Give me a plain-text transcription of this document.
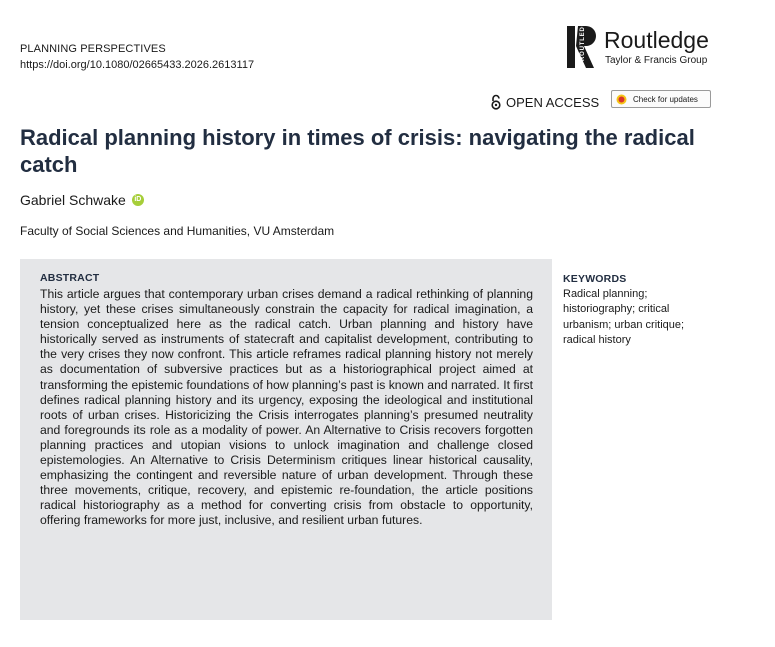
PLANNING PERSPECTIVES
https://doi.org/10.1080/02665433.2026.2613117
ROUTLEDGE Routledge
Taylor & Francis Group
OPEN ACCESS	Check for updates
Radical planning history in times of crisis: navigating the radical catch
Gabriel Schwake	iD
Faculty of Social Sciences and Humanities, VU Amsterdam
ABSTRACT

This article argues that contemporary urban crises demand a radical rethinking of planning history, yet these crises simultaneously constrain the capacity for radical imagination, a tension conceptualized here as the radical catch. Urban planning and history have historically served as instruments of statecraft and capitalist development, contributing to the very crises they now confront. This article reframes radical planning history not merely as documentation of subversive practices but as a historiographical project aimed at transforming the epistemic foundations of how planning’s past is known and narrated. It first defines radical planning history and its urgency, exposing the ideological and institutional roots of urban crises. Historicizing the Crisis interrogates planning’s presumed neutrality and foregrounds its role as a modality of power. An Alternative to Crisis recovers forgotten planning practices and utopian visions to unlock imagination and challenge closed epistemologies. An Alternative to Crisis Determinism critiques linear historical causality, emphasizing the contingent and reversible nature of urban development. Through these three movements, critique, recovery, and epistemic re-foundation, the article positions radical historiography as a method for converting crisis from obstacle to opportunity, offering frameworks for more just, inclusive, and resilient urban futures.

KEYWORDS
Radical planning; historiography; critical urbanism; urban critique; radical history
